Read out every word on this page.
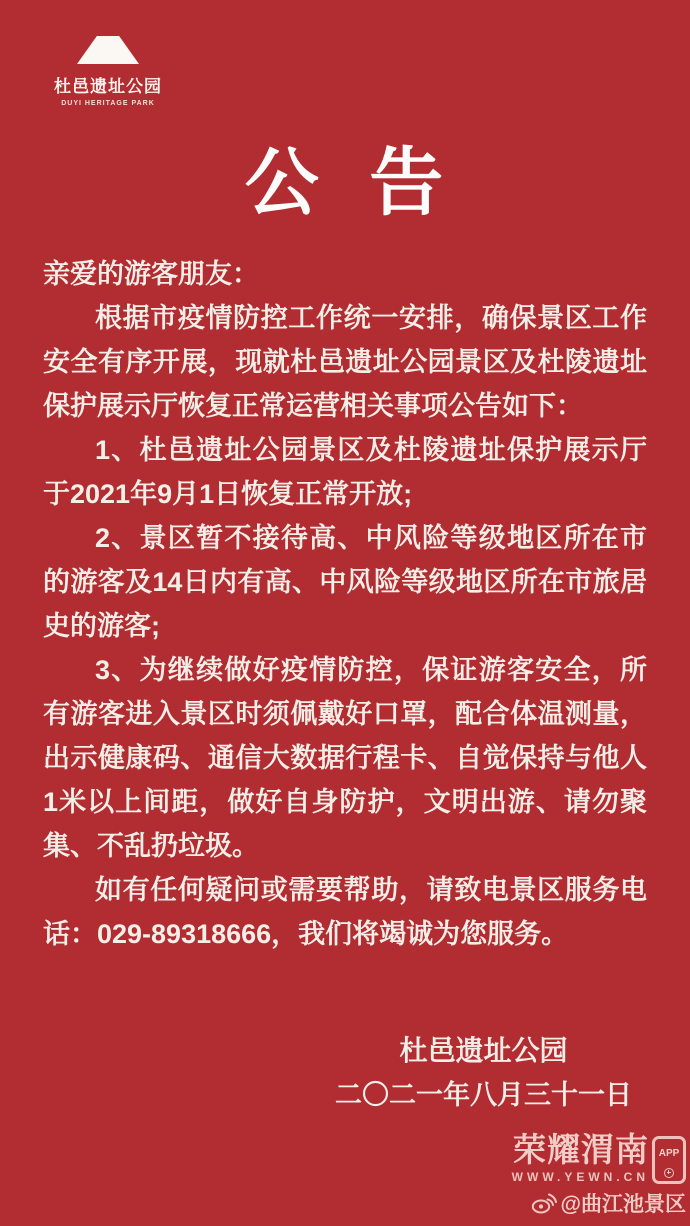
杜邑遗址公园
DUYI HERITAGE PARK
公 告

亲爱的游客朋友：

根据市疫情防控工作统一安排，确保景区工作安全有序开展，现就杜邑遗址公园景区及杜陵遗址保护展示厅恢复正常运营相关事项公告如下：

1、杜邑遗址公园景区及杜陵遗址保护展示厅于2021年9月1日恢复正常开放;

2、景区暂不接待高、中风险等级地区所在市的游客及14日内有高、中风险等级地区所在市旅居史的游客;

3、为继续做好疫情防控，保证游客安全，所有游客进入景区时须佩戴好口罩，配合体温测量，出示健康码、通信大数据行程卡、自觉保持与他人1米以上间距，做好自身防护，文明出游、请勿聚集、不乱扔垃圾。

如有任何疑问或需要帮助，请致电景区服务电话：029-89318666，我们将竭诚为您服务。

杜邑遗址公园
二〇二一年八月三十一日
荣耀渭南
WWW.YEWN.CN
APP
@曲江池景区
